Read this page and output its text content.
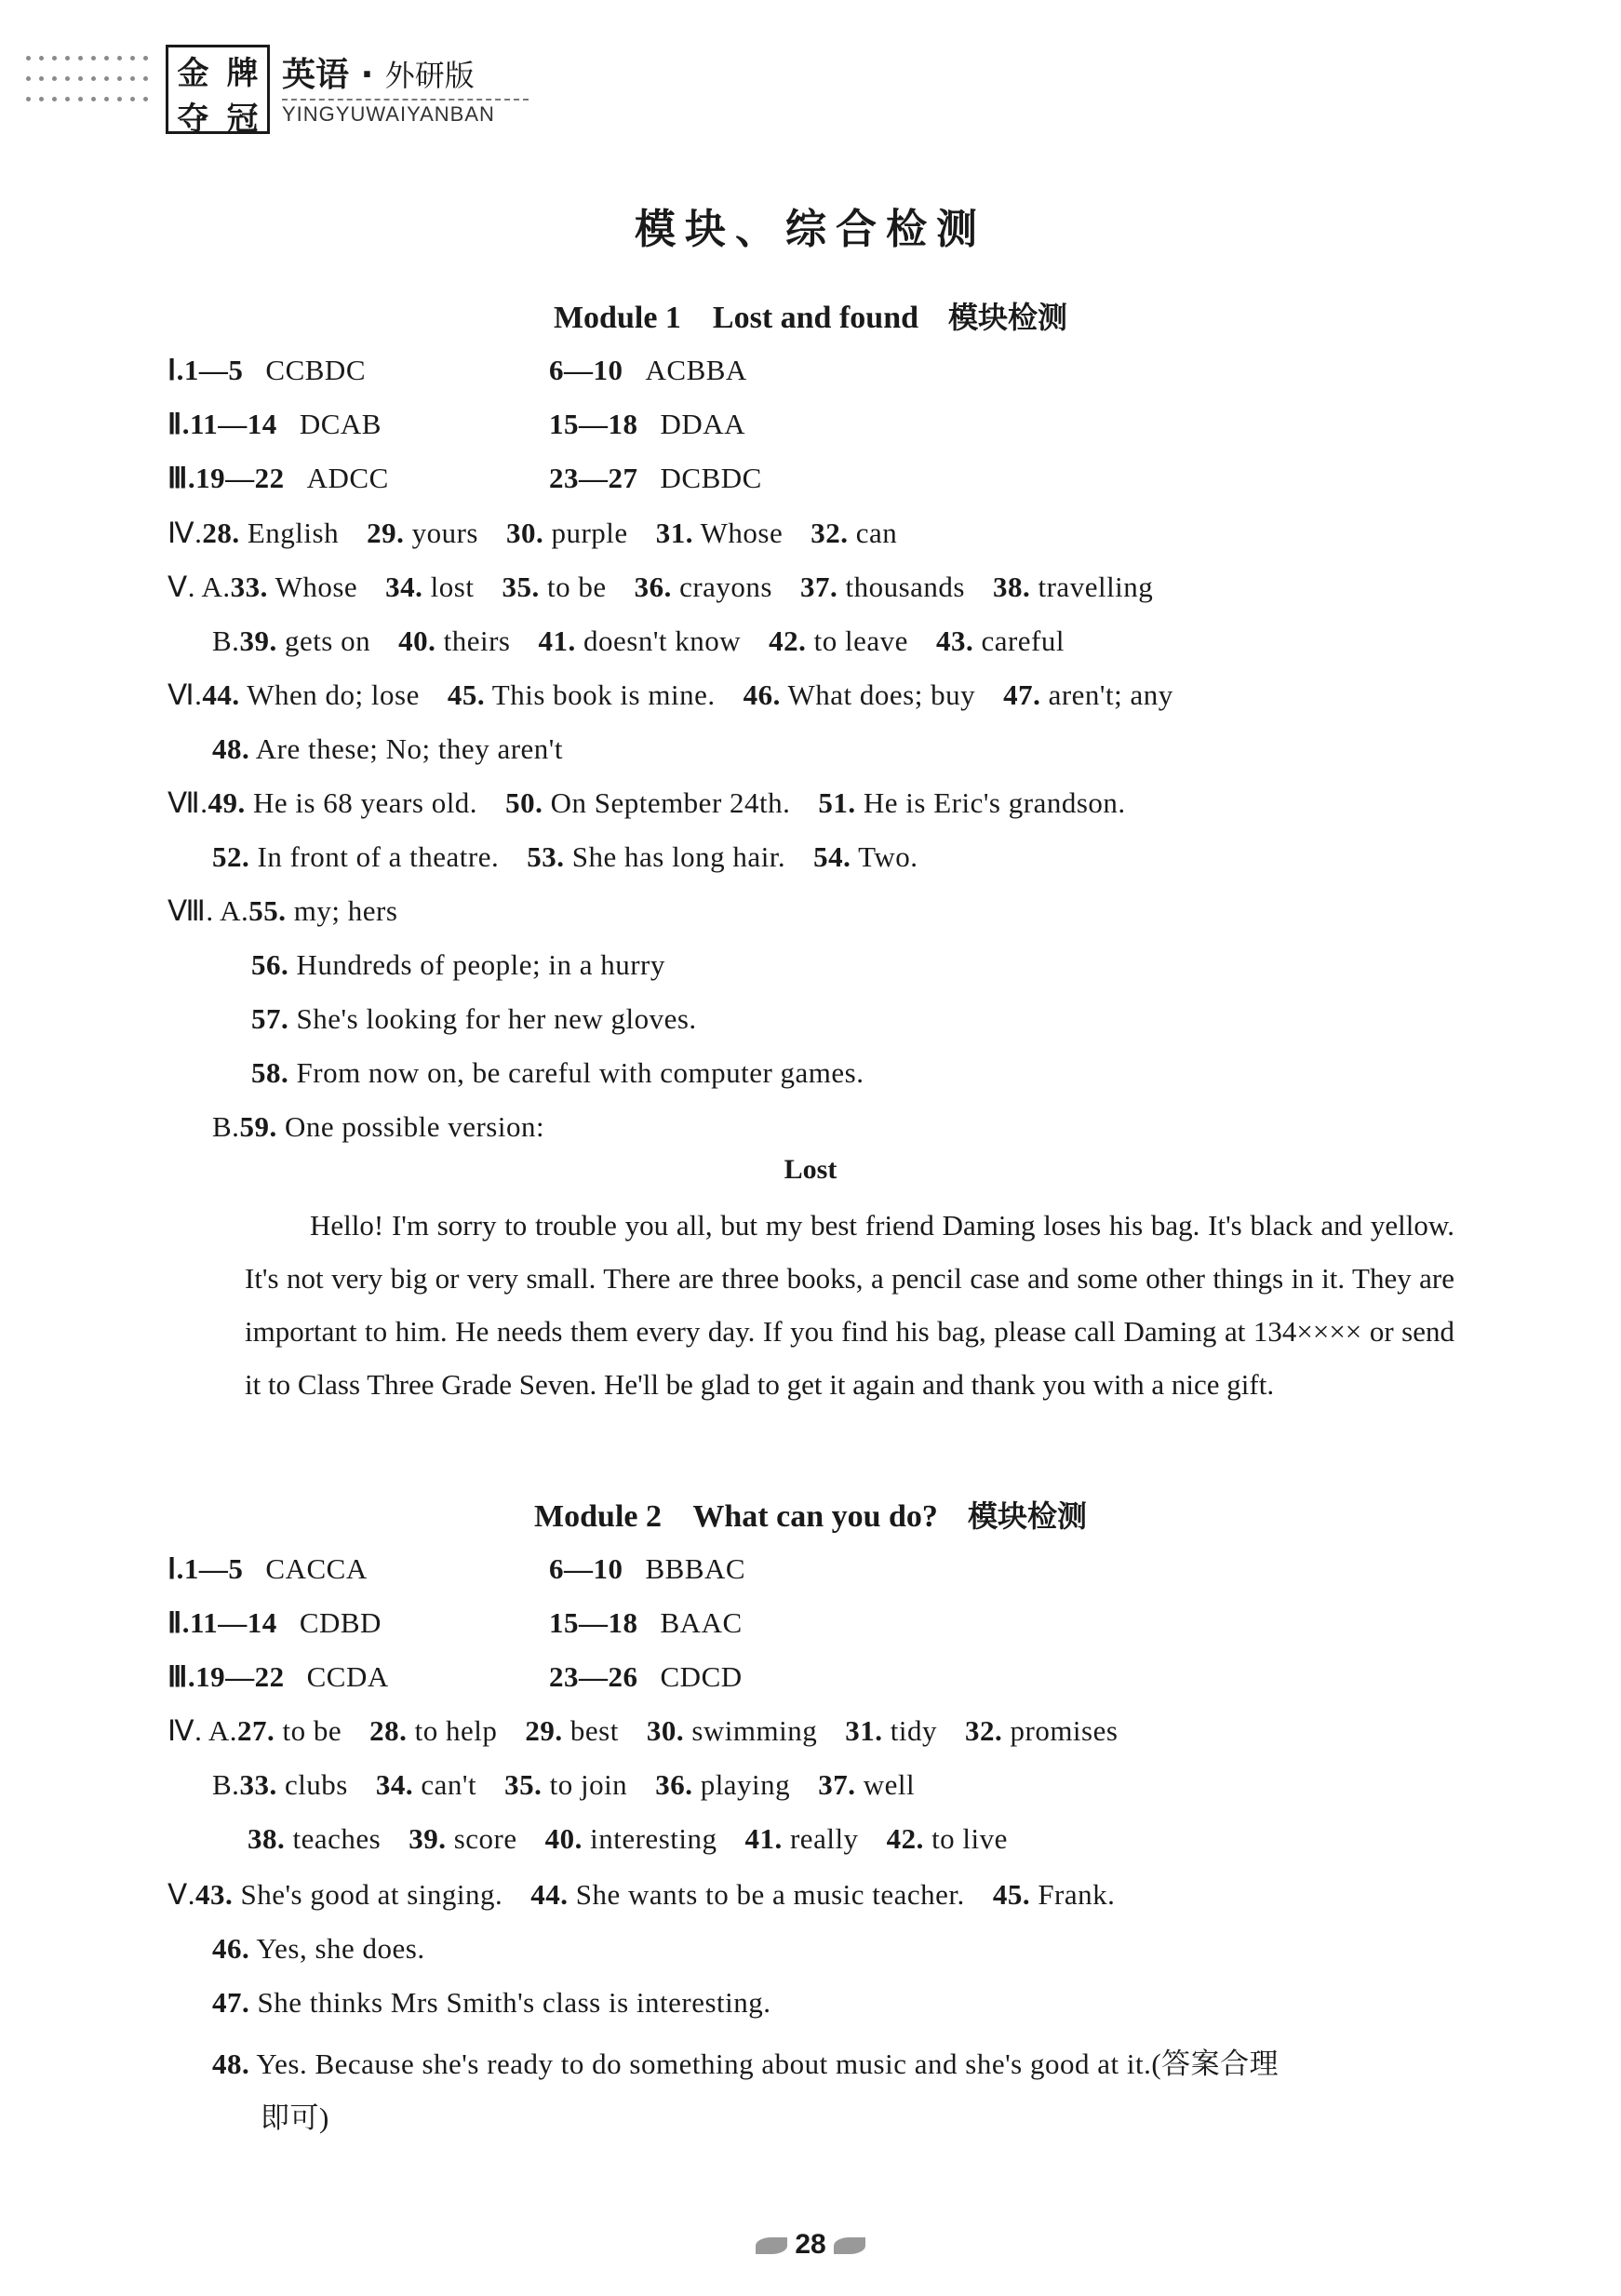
金 牌
夺 冠
英语 · 外研版
YINGYUWAIYANBAN
模块、综合检测
Module 1    Lost and found 模块检测
Ⅰ.1—5 CCBDC	6—10 ACBBA
Ⅱ.11—14 DCAB	15—18 DDAA
Ⅲ.19—22 ADCC	23—27 DCBDC
Ⅳ.28. English 29. yours 30. purple 31. Whose 32. can
Ⅴ. A.33. Whose 34. lost 35. to be 36. crayons 37. thousands 38. travelling
B.39. gets on 40. theirs 41. doesn't know 42. to leave 43. careful
Ⅵ.44. When do; lose 45. This book is mine. 46. What does; buy 47. aren't; any
48. Are these; No; they aren't
Ⅶ.49. He is 68 years old. 50. On September 24th. 51. He is Eric's grandson.
52. In front of a theatre. 53. She has long hair. 54. Two.
Ⅷ. A.55. my; hers
56. Hundreds of people; in a hurry
57. She's looking for her new gloves.
58. From now on, be careful with computer games.
B.59. One possible version:
Lost

Hello! I'm sorry to trouble you all, but my best friend Daming loses his bag. It's black and yellow. It's not very big or very small. There are three books, a pencil case and some other things in it. They are important to him. He needs them every day. If you find his bag, please call Daming at 134×××× or send it to Class Three Grade Seven. He'll be glad to get it again and thank you with a nice gift.

Module 2    What can you do? 模块检测
Ⅰ.1—5 CACCA	6—10 BBBAC
Ⅱ.11—14 CDBD	15—18 BAAC
Ⅲ.19—22 CCDA	23—26 CDCD
Ⅳ. A.27. to be 28. to help 29. best 30. swimming 31. tidy 32. promises
B.33. clubs 34. can't 35. to join 36. playing 37. well
38. teaches 39. score 40. interesting 41. really 42. to live
Ⅴ.43. She's good at singing. 44. She wants to be a music teacher. 45. Frank.
46. Yes, she does.
47. She thinks Mrs Smith's class is interesting.
48. Yes. Because she's ready to do something about music and she's good at it.(答案合理
即可)
28
